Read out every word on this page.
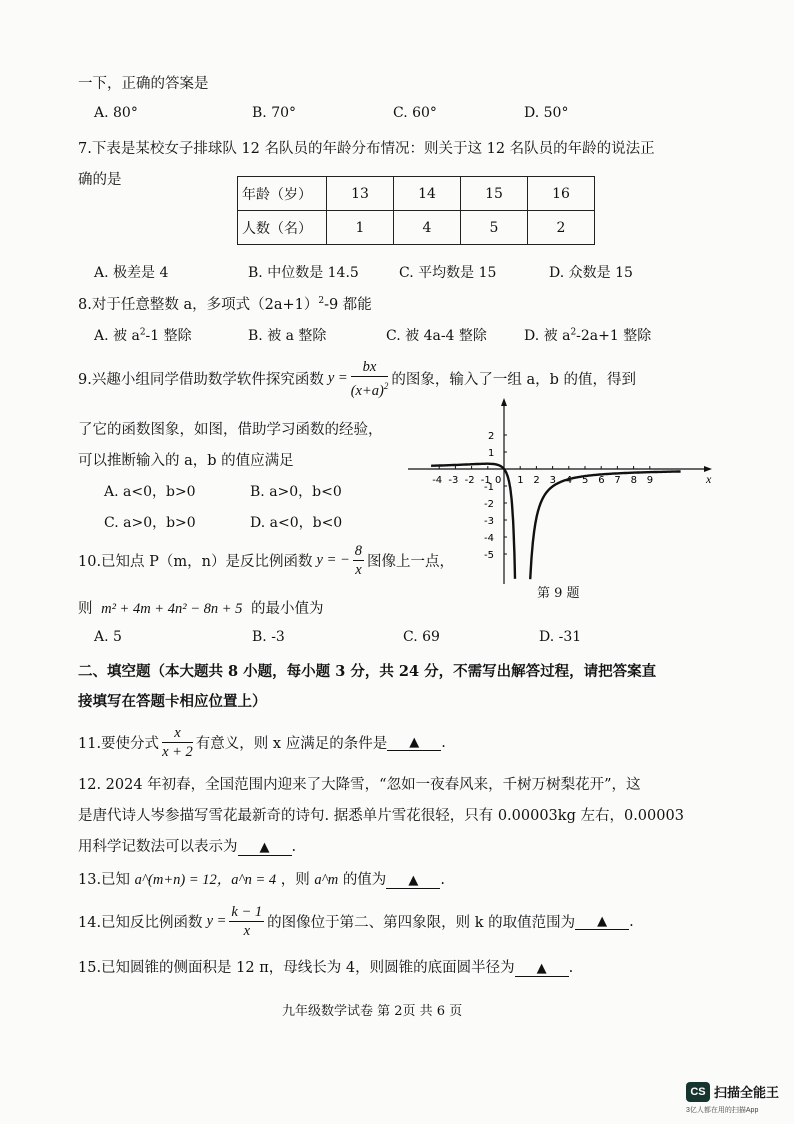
一下，正确的答案是
A. 80°	B. 70°	C. 60°	D. 50°
7.下表是某校女子排球队 12 名队员的年龄分布情况：则关于这 12 名队员的年龄的说法正
确的是
年龄（岁）	13	14	15	16
人数（名）	1	4	5	2
A. 极差是 4	B. 中位数是 14.5	C. 平均数是 15	D. 众数是 15
8.对于任意整数 a，多项式$(2a+1)^2-9$ 都能
A. 被 $a^2-1$ 整除	B. 被 a 整除	C. 被 4a-4 整除	D. 被 $a^2-2a+1$ 整除
9.兴趣小组同学借助数学软件探究函数 $y = \frac{bx}{(x+a)^2}$ 的图象，输入了一组 a，b 的值，得到
了它的函数图象，如图，借助学习函数的经验，
可以推断输入的 a，b 的值应满足
A. a<0，b>0	B. a>0，b<0
C. a>0，b>0	D. a<0，b<0
x
-4 -3 -2 -1 0 1 2 3 4 5 6 7 8 9
2
1
-1
-2
-3
-4
-5
第 9 题
10.已知点 P（m，n）是反比例函数 y = − $\frac{8}{x}$ 图像上一点，
则 m² + 4m + 4n² − 8n + 5 的最小值为
A. 5	B. -3	C. 69	D. -31
二、填空题（本大题共 8 小题，每小题 3 分，共 24 分，不需写出解答过程，请把答案直
接填写在答题卡相应位置上）
11.要使分式 $\frac{x}{x + 2}$ 有意义，则 x 应满足的条件是	▲	.
12. 2024 年初春，全国范围内迎来了大降雪，“忽如一夜春风来，千树万树梨花开”，这
是唐代诗人岑参描写雪花最新奇的诗句. 据悉单片雪花很轻，只有 0.00003kg 左右，0.00003
用科学记数法可以表示为 ▲ .
13.已知 a^(m+n) = 12，a^n = 4 ，则 a^m 的值为 ▲ .
14.已知反比例函数 $y = \frac{k - 1}{x}$ 的图像位于第二、第四象限，则 k 的取值范围为	▲	.
15.已知圆锥的侧面积是 12 π，母线长为 4，则圆锥的底面圆半径为 ▲ .
九年级数学试卷 第 2页 共 6 页
CS 扫描全能王
3亿人都在用的扫描App
